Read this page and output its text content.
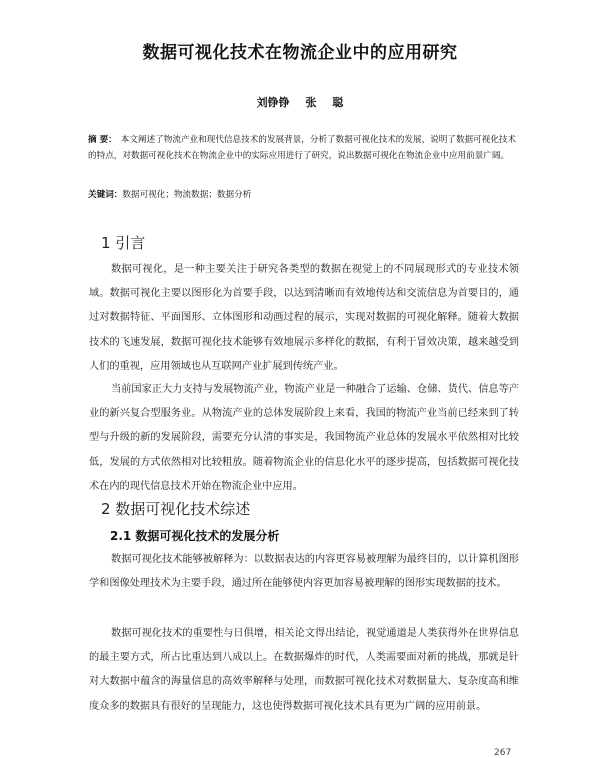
数据可视化技术在物流企业中的应用研究
刘铮铮 张 聪
摘 要： 本文阐述了物流产业和现代信息技术的发展背景，分析了数据可视化技术的发展，说明了数据可视化技术的特点，对数据可视化技术在物流企业中的实际应用进行了研究，说出数据可视化在物流企业中应用前景广阔。
关键词：数据可视化；物流数据；数据分析
1 引言
数据可视化，是一种主要关注于研究各类型的数据在视觉上的不同展现形式的专业技术领域。数据可视化主要以图形化为首要手段，以达到清晰而有效地传达和交流信息为首要目的，通过对数据特征、平面图形、立体图形和动画过程的展示，实现对数据的可视化解释。随着大数据技术的飞速发展，数据可视化技术能够有效地展示多样化的数据，有利于冒效决策，越来越受到人们的重视，应用领域也从互联网产业扩展到传统产业。
当前国家正大力支持与发展物流产业，物流产业是一种融合了运输、仓储、货代、信息等产业的新兴复合型服务业。从物流产业的总体发展阶段上来看，我国的物流产业当前已经来到了转型与升级的新的发展阶段，需要充分认清的事实是，我国物流产业总体的发展水平依然相对比较低，发展的方式依然相对比较粗放。随着物流企业的信息化水平的逐步提高，包括数据可视化技术在内的现代信息技术开始在物流企业中应用。
2 数据可视化技术综述
2.1 数据可视化技术的发展分析
数据可视化技术能够被解释为：以数据表达的内容更容易被理解为最终目的，以计算机图形学和图像处理技术为主要手段，通过所在能够使内容更加容易被理解的图形实现数据的技术。
数据可视化技术的重要性与日俱增，相关论文得出结论，视觉通道是人类获得外在世界信息的最主要方式，所占比重达到八成以上。在数据爆炸的时代，人类需要面对新的挑战，那就是针对大数据中蕴含的海量信息的高效率解释与处理，而数据可视化技术对数据量大、复杂度高和维度众多的数据具有很好的呈现能力，这也使得数据可视化技术具有更为广阔的应用前景。
267
